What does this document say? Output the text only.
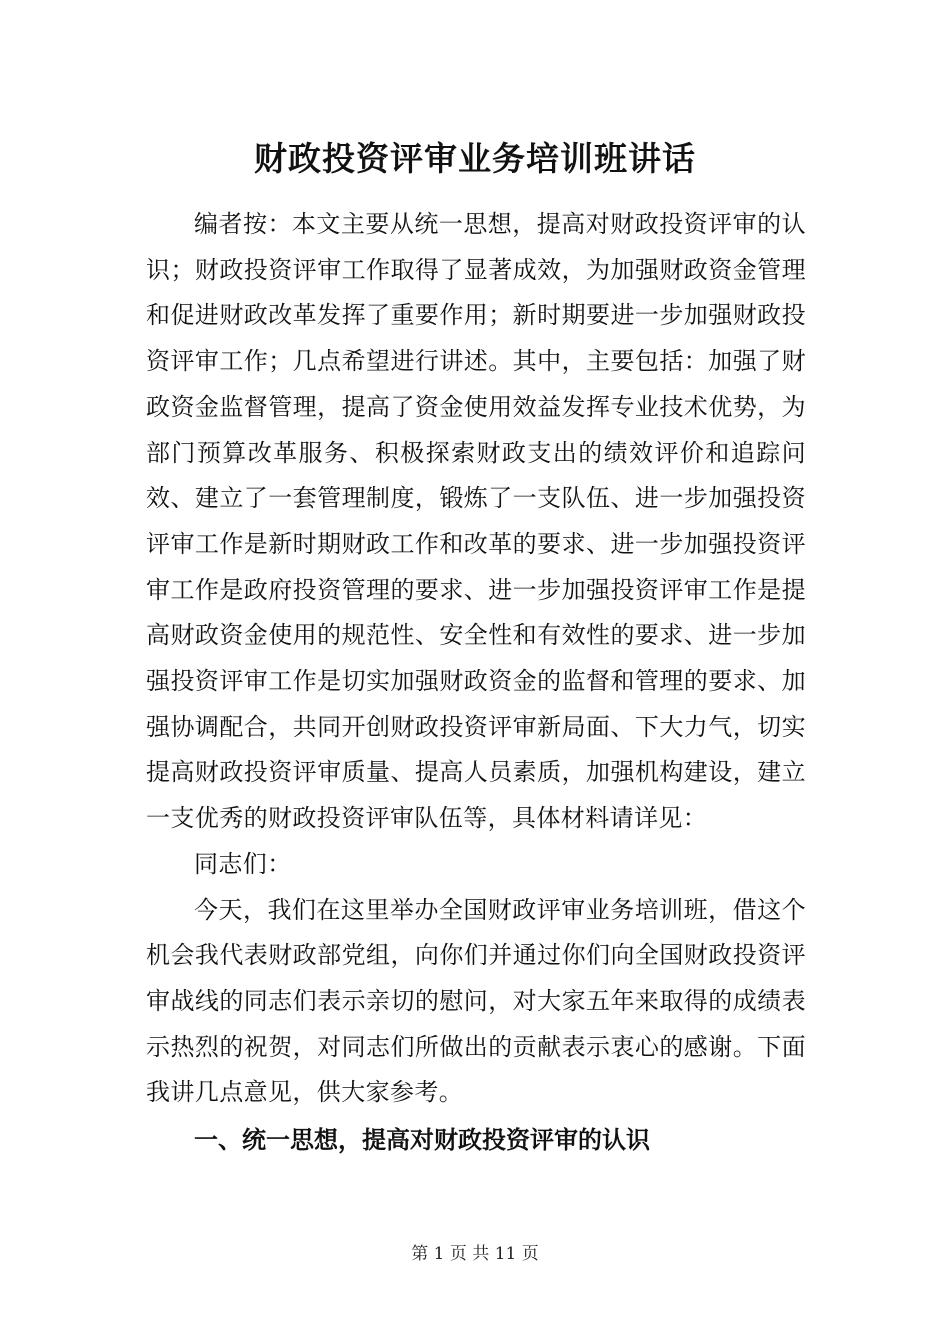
财政投资评审业务培训班讲话

编者按：本文主要从统一思想，提高对财政投资评审的认识；财政投资评审工作取得了显著成效，为加强财政资金管理和促进财政改革发挥了重要作用；新时期要进一步加强财政投资评审工作；几点希望进行讲述。其中，主要包括：加强了财政资金监督管理，提高了资金使用效益发挥专业技术优势，为部门预算改革服务、积极探索财政支出的绩效评价和追踪问效、建立了一套管理制度，锻炼了一支队伍、进一步加强投资评审工作是新时期财政工作和改革的要求、进一步加强投资评审工作是政府投资管理的要求、进一步加强投资评审工作是提高财政资金使用的规范性、安全性和有效性的要求、进一步加强投资评审工作是切实加强财政资金的监督和管理的要求、加强协调配合，共同开创财政投资评审新局面、下大力气，切实提高财政投资评审质量、提高人员素质，加强机构建设，建立一支优秀的财政投资评审队伍等，具体材料请详见：

同志们：

今天，我们在这里举办全国财政评审业务培训班，借这个机会我代表财政部党组，向你们并通过你们向全国财政投资评审战线的同志们表示亲切的慰问，对大家五年来取得的成绩表示热烈的祝贺，对同志们所做出的贡献表示衷心的感谢。下面我讲几点意见，供大家参考。

一、统一思想，提高对财政投资评审的认识

第 1 页 共 11 页
